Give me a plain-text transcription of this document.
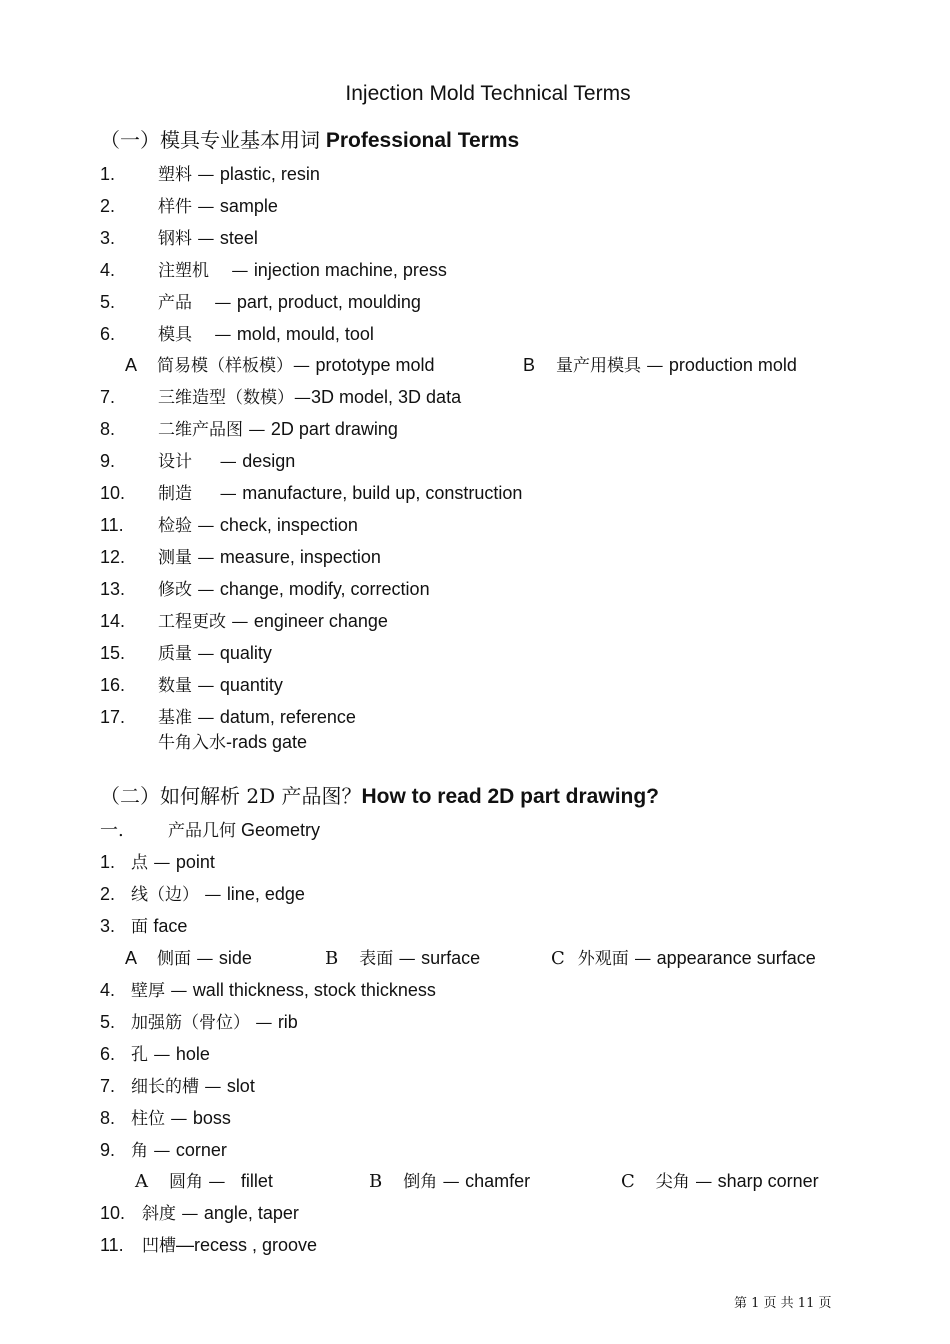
Injection Mold Technical Terms
（一）模具专业基本用词 Professional Terms
1.	塑料 — plastic, resin
2.	样件 — sample
3.	钢料 — steel
4.	注塑机 　— injection machine, press
5.	产品 　— part, product, moulding
6.	模具 　— mold, mould, tool
A 简易模（样板模）— prototype mold	B 量产用模具 — production mold
7.	三维造型（数模）—3D model, 3D data
8.	二维产品图 — 2D part drawing
9.	设计 　 — design
10. 制造 　 — manufacture, build up, construction
11. 检验 — check, inspection
12. 测量 — measure, inspection
13. 修改 — change, modify, correction
14. 工程更改 — engineer change
15. 质量 — quality
16. 数量 — quantity
17. 基准 — datum, reference
牛角入水-rads gate
（二）如何解析 2D 产品图？How to read 2D part drawing?
一.	产品几何 Geometry
1. 点 — point
2. 线（边） — line, edge
3. 面 face
A 侧面 — side	B 表面 — surface	C 外观面 — appearance surface
4. 壁厚 — wall thickness, stock thickness
5. 加强筋（骨位） — rib
6. 孔 — hole
7. 细长的槽 — slot
8. 柱位 — boss
9. 角 — corner
A 圆角 — fillet	B 倒角 — chamfer	C 尖角 — sharp corner
10. 斜度 — angle, taper
11. 凹槽—recess , groove
第 1 页 共 11 页
